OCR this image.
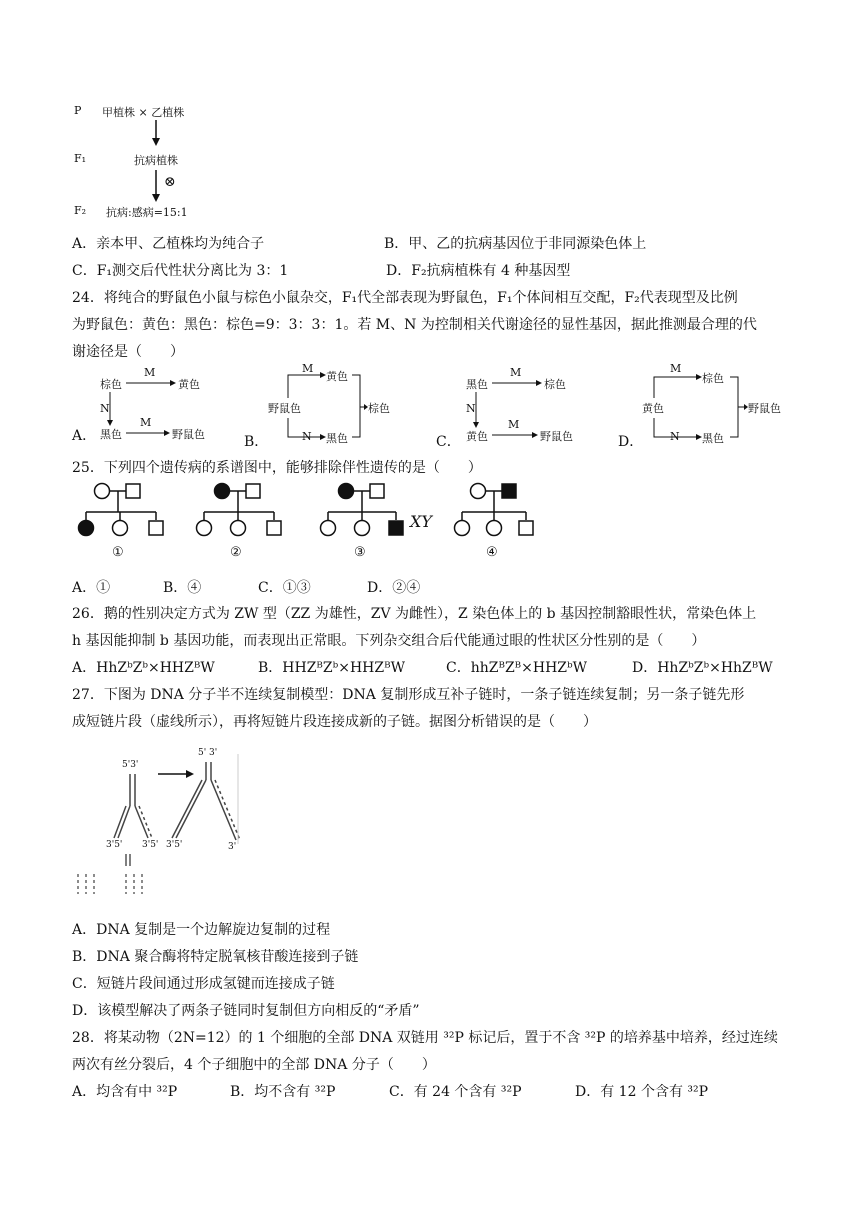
P 甲植株 × 乙植株
F₁	抗病植株
⊗
F₂ 抗病:感病=15:1
A．亲本甲、乙植株均为纯合子	B．甲、乙的抗病基因位于非同源染色体上
C．F₁测交后代性状分离比为 3：1	D．F₂抗病植株有 4 种基因型
24．将纯合的野鼠色小鼠与棕色小鼠杂交，F₁代全部表现为野鼠色，F₁个体间相互交配，F₂代表现型及比例
为野鼠色：黄色：黑色：棕色=9：3：3：1。若 M、N 为控制相关代谢途径的显性基因，据此推测最合理的代
谢途径是（　　）
A．
棕色	黄色
黑色	野鼠色
M
N
M
B．
野鼠色
黄色
黑色
棕色
M
N	C．
黑色	棕色
黄色	野鼠色
M
N
M
D．
黄色
棕色
黑色
野鼠色
M
N
25．下列四个遗传病的系谱图中，能够排除伴性遗传的是（　　）
XY
①	②	③	④
A．①	B．④	C．①③	D．②④
26．鹅的性别决定方式为 ZW 型（ZZ 为雄性，ZV 为雌性），Z 染色体上的 b 基因控制豁眼性状，常染色体上
h 基因能抑制 b 基因功能，而表现出正常眼。下列杂交组合后代能通过眼的性状区分性别的是（　　）
A．HhZᵇZᵇ×HHZᴮW	B．HHZᴮZᵇ×HHZᴮW	C．hhZᴮZᴮ×HHZᵇW	D．HhZᵇZᵇ×HhZᴮW
27．下图为 DNA 分子半不连续复制模型：DNA 复制形成互补子链时，一条子链连续复制；另一条子链先形
成短链片段（虚线所示），再将短链片段连接成新的子链。据图分析错误的是（　　）
5'3'
5' 3'
3'5' 3'5' 3'5'	3'
A．DNA 复制是一个边解旋边复制的过程
B．DNA 聚合酶将特定脱氧核苷酸连接到子链
C．短链片段间通过形成氢键而连接成子链
D．该模型解决了两条子链同时复制但方向相反的“矛盾”
28．将某动物（2N=12）的 1 个细胞的全部 DNA 双链用 ³²P 标记后，置于不含 ³²P 的培养基中培养，经过连续
两次有丝分裂后，4 个子细胞中的全部 DNA 分子（　　）
A．均含有中 ³²P	B．均不含有 ³²P	C．有 24 个含有 ³²P	D．有 12 个含有 ³²P
